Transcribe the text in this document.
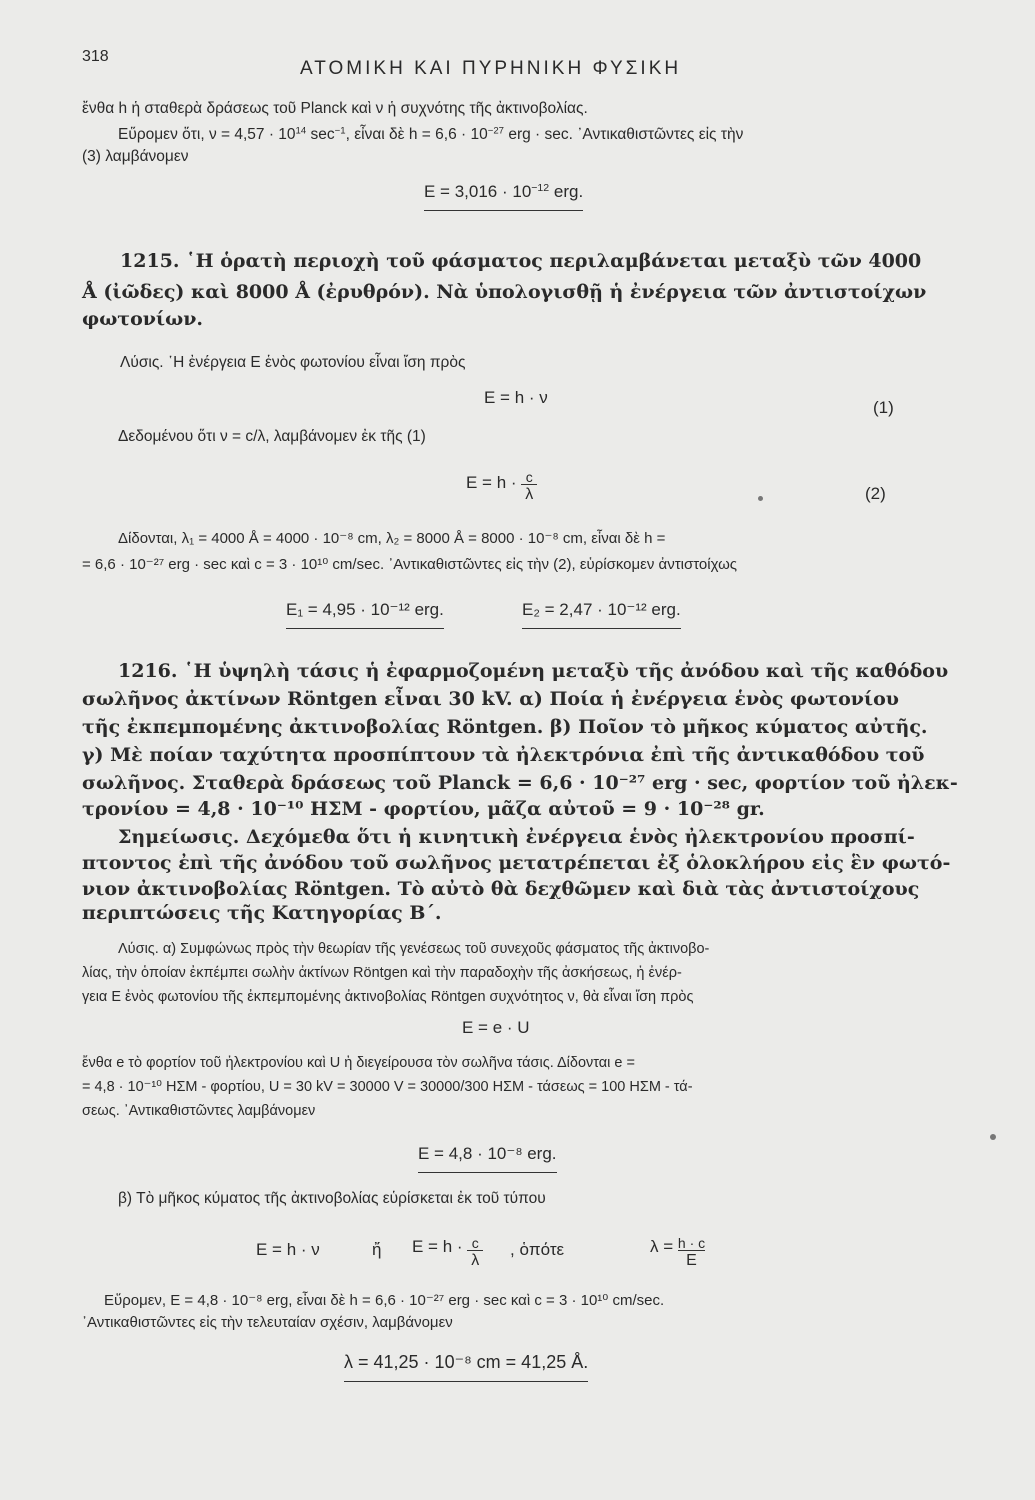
318
ΑΤΟΜΙΚΗ ΚΑΙ ΠΥΡΗΝΙΚΗ ΦΥΣΙΚΗ
ἔνθα h ἡ σταθερὰ δράσεως τοῦ Planck καὶ ν ἡ συχνότης τῆς ἀκτινοβολίας.
Εὕρομεν ὅτι, $\nu = 4,57 \cdot 10^{14}$ $\sec^{-1}$, εἶναι δὲ $h = 6,6 \cdot 10^{-27}$ erg · sec. ᾽Αντικαθιστῶντες εἰς τὴν
(3) λαμβάνομεν
$E = 3,016 \cdot 10^{-12}$ erg.
1215. ῾Η ὁρατὴ περιοχὴ τοῦ φάσματος περιλαμβάνεται μεταξὺ τῶν 4000
Å (ἰῶδες) καὶ 8000 Å (ἐρυθρόν). Νὰ ὑπολογισθῇ ἡ ἐνέργεια τῶν ἀντιστοίχων
φωτονίων.
Λύσις. ῾Η ἐνέργεια E ἑνὸς φωτονίου εἶναι ἴση πρὸς
E = h · ν
(1)
Δεδομένου ὅτι ν = c/λ, λαμβάνομεν ἐκ τῆς (1)
$E = h \cdot \frac{c}{\lambda}$	(2)
Δίδονται, λ₁ = 4000 Å = 4000 · 10⁻⁸ cm, λ₂ = 8000 Å = 8000 · 10⁻⁸ cm, εἶναι δὲ h =
= 6,6 · 10⁻²⁷ erg · sec καὶ c = 3 · 10¹⁰ cm/sec. ᾽Αντικαθιστῶντες εἰς τὴν (2), εὑρίσκομεν ἀντιστοίχως
E₁ = 4,95 · 10⁻¹² erg.	E₂ = 2,47 · 10⁻¹² erg.
1216. ῾Η ὑψηλὴ τάσις ἡ ἐφαρμοζομένη μεταξὺ τῆς ἀνόδου καὶ τῆς καθόδου
σωλῆνος ἀκτίνων Röntgen εἶναι 30 kV. α) Ποία ἡ ἐνέργεια ἑνὸς φωτονίου
τῆς ἐκπεμπομένης ἀκτινοβολίας Röntgen. β) Ποῖον τὸ μῆκος κύματος αὐτῆς.
γ) Μὲ ποίαν ταχύτητα προσπίπτουν τὰ ἠλεκτρόνια ἐπὶ τῆς ἀντικαθόδου τοῦ
σωλῆνος. Σταθερὰ δράσεως τοῦ Planck = 6,6 · 10⁻²⁷ erg · sec, φορτίον τοῦ ἠλεκ-
τρονίου = 4,8 · 10⁻¹⁰ ΗΣΜ - φορτίου, μᾶζα αὐτοῦ = 9 · 10⁻²⁸ gr.
Σημείωσις. Δεχόμεθα ὅτι ἡ κινητικὴ ἐνέργεια ἑνὸς ἠλεκτρονίου προσπί-
πτοντος ἐπὶ τῆς ἀνόδου τοῦ σωλῆνος μετατρέπεται ἐξ ὁλοκλήρου εἰς ἓν φωτό-
νιον ἀκτινοβολίας Röntgen. Τὸ αὐτὸ θὰ δεχθῶμεν καὶ διὰ τὰς ἀντιστοίχους
περιπτώσεις τῆς Κατηγορίας Β΄.
Λύσις. α) Συμφώνως πρὸς τὴν θεωρίαν τῆς γενέσεως τοῦ συνεχοῦς φάσματος τῆς ἀκτινοβο-
λίας, τὴν ὁποίαν ἐκπέμπει σωλὴν ἀκτίνων Röntgen καὶ τὴν παραδοχὴν τῆς ἀσκήσεως, ἡ ἐνέρ-
γεια E ἑνὸς φωτονίου τῆς ἐκπεμπομένης ἀκτινοβολίας Röntgen συχνότητος ν, θὰ εἶναι ἴση πρὸς
E = e · U
ἔνθα e τὸ φορτίον τοῦ ἠλεκτρονίου καὶ U ἡ διεγείρουσα τὸν σωλῆνα τάσις. Δίδονται e =
= 4,8 · 10⁻¹⁰ ΗΣΜ - φορτίου, U = 30 kV = 30000 V = 30000/300 ΗΣΜ - τάσεως = 100 ΗΣΜ - τά-
σεως. ᾽Αντικαθιστῶντες λαμβάνομεν
E = 4,8 · 10⁻⁸ erg.
β) Τὸ μῆκος κύματος τῆς ἀκτινοβολίας εὑρίσκεται ἐκ τοῦ τύπου
E = h · ν	ἤ $E = h \cdot \frac{c}{\lambda}$ , ὁπότε	$\lambda = \frac{h \cdot c}{E}$
Εὕρομεν, E = 4,8 · 10⁻⁸ erg, εἶναι δὲ h = 6,6 · 10⁻²⁷ erg · sec καὶ c = 3 · 10¹⁰ cm/sec.
᾽Αντικαθιστῶντες εἰς τὴν τελευταίαν σχέσιν, λαμβάνομεν
λ = 41,25 · 10⁻⁸ cm = 41,25 Å.
